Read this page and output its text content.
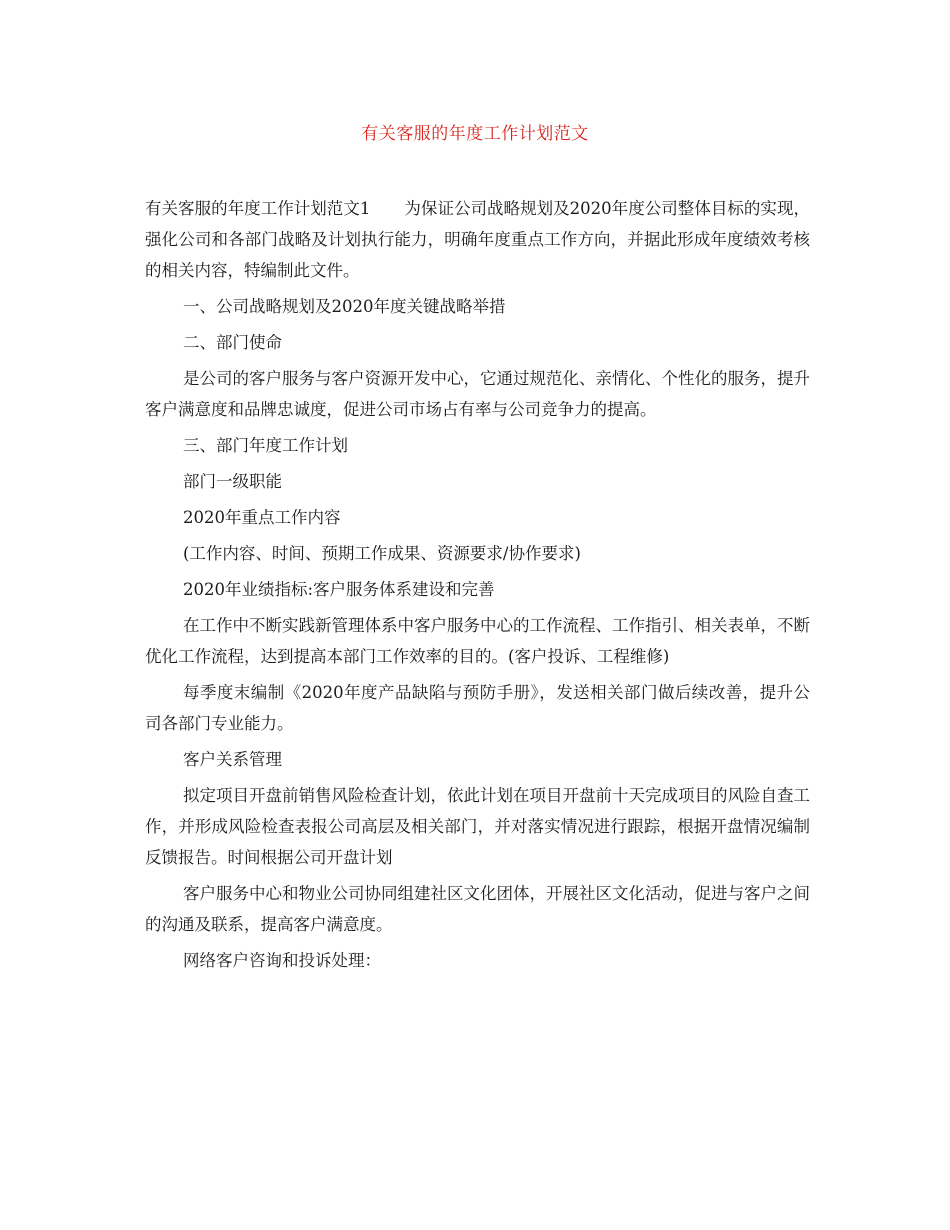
有关客服的年度工作计划范文

有关客服的年度工作计划范文1 为保证公司战略规划及2020年度公司整体目标的实现，强化公司和各部门战略及计划执行能力，明确年度重点工作方向，并据此形成年度绩效考核的相关内容，特编制此文件。

一、公司战略规划及2020年度关键战略举措

二、部门使命

是公司的客户服务与客户资源开发中心，它通过规范化、亲情化、个性化的服务，提升客户满意度和品牌忠诚度，促进公司市场占有率与公司竞争力的提高。

三、部门年度工作计划

部门一级职能

2020年重点工作内容

(工作内容、时间、预期工作成果、资源要求/协作要求)

2020年业绩指标:客户服务体系建设和完善

在工作中不断实践新管理体系中客户服务中心的工作流程、工作指引、相关表单，不断优化工作流程，达到提高本部门工作效率的目的。(客户投诉、工程维修)

每季度末编制《2020年度产品缺陷与预防手册》，发送相关部门做后续改善，提升公司各部门专业能力。

客户关系管理

拟定项目开盘前销售风险检查计划，依此计划在项目开盘前十天完成项目的风险自查工作，并形成风险检查表报公司高层及相关部门，并对落实情况进行跟踪，根据开盘情况编制反馈报告。时间根据公司开盘计划

客户服务中心和物业公司协同组建社区文化团体，开展社区文化活动，促进与客户之间的沟通及联系，提高客户满意度。

网络客户咨询和投诉处理：
